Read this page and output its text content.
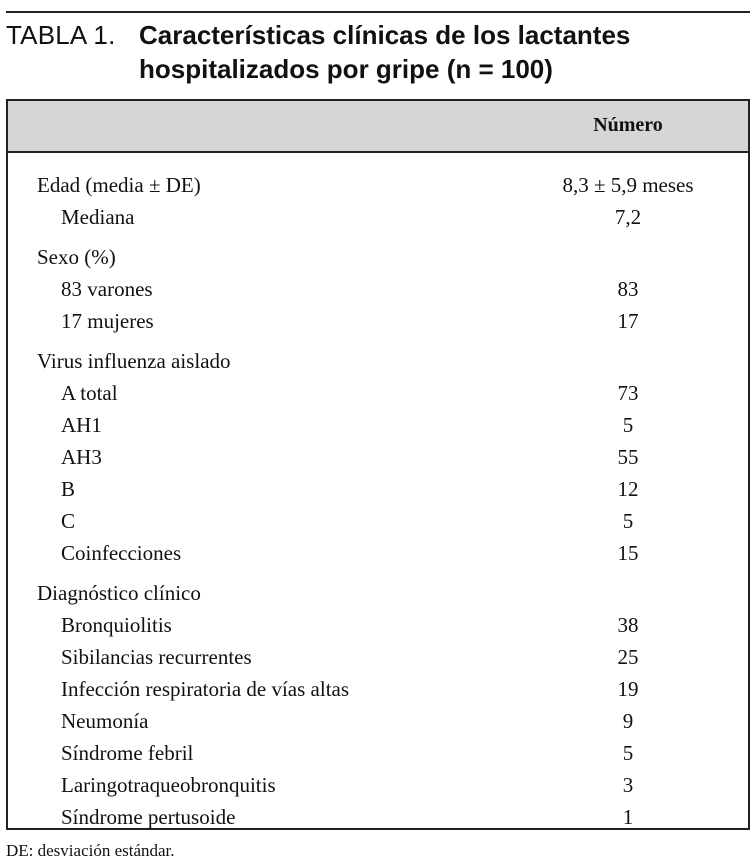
TABLA 1. Características clínicas de los lactantes hospitalizados por gripe (n = 100)
Número
Edad (media ± DE)	8,3 ± 5,9 meses
Mediana	7,2
Sexo (%)
83 varones	83
17 mujeres	17
Virus influenza aislado
A total	73
AH1	5
AH3	55
B	12
C	5
Coinfecciones	15
Diagnóstico clínico
Bronquiolitis	38
Sibilancias recurrentes	25
Infección respiratoria de vías altas	19
Neumonía	9
Síndrome febril	5
Laringotraqueobronquitis	3
Síndrome pertusoide	1
DE: desviación estándar.
